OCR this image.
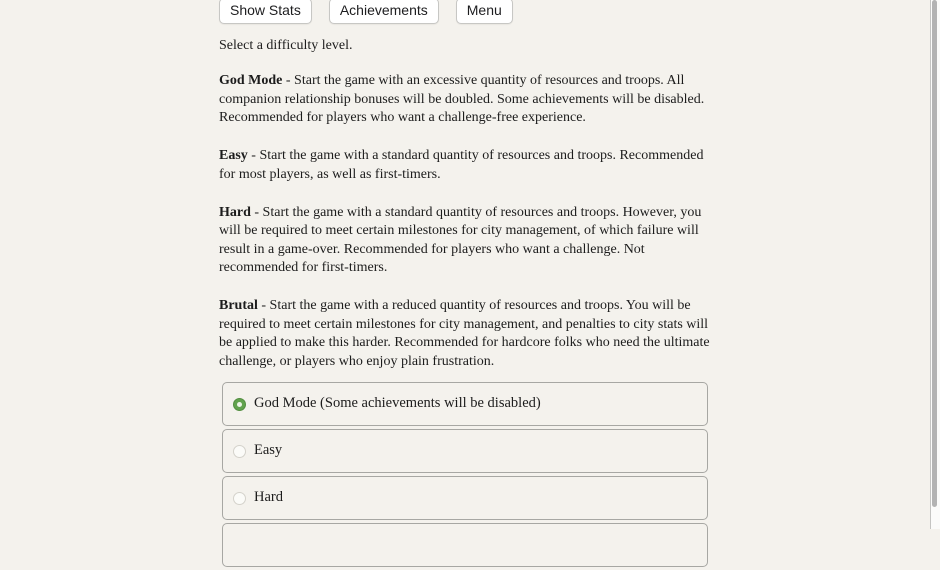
Show Stats	Achievements	Menu

Select a difficulty level.

God Mode - Start the game with an excessive quantity of resources and troops. All companion relationship bonuses will be doubled. Some achievements will be disabled. Recommended for players who want a challenge-free experience.

Easy - Start the game with a standard quantity of resources and troops. Recommended for most players, as well as first-timers.

Hard - Start the game with a standard quantity of resources and troops. However, you will be required to meet certain milestones for city management, of which failure will result in a game-over. Recommended for players who want a challenge. Not recommended for first-timers.

Brutal - Start the game with a reduced quantity of resources and troops. You will be required to meet certain milestones for city management, and penalties to city stats will be applied to make this harder. Recommended for hardcore folks who need the ultimate challenge, or players who enjoy plain frustration.

God Mode (Some achievements will be disabled)
Easy
Hard
